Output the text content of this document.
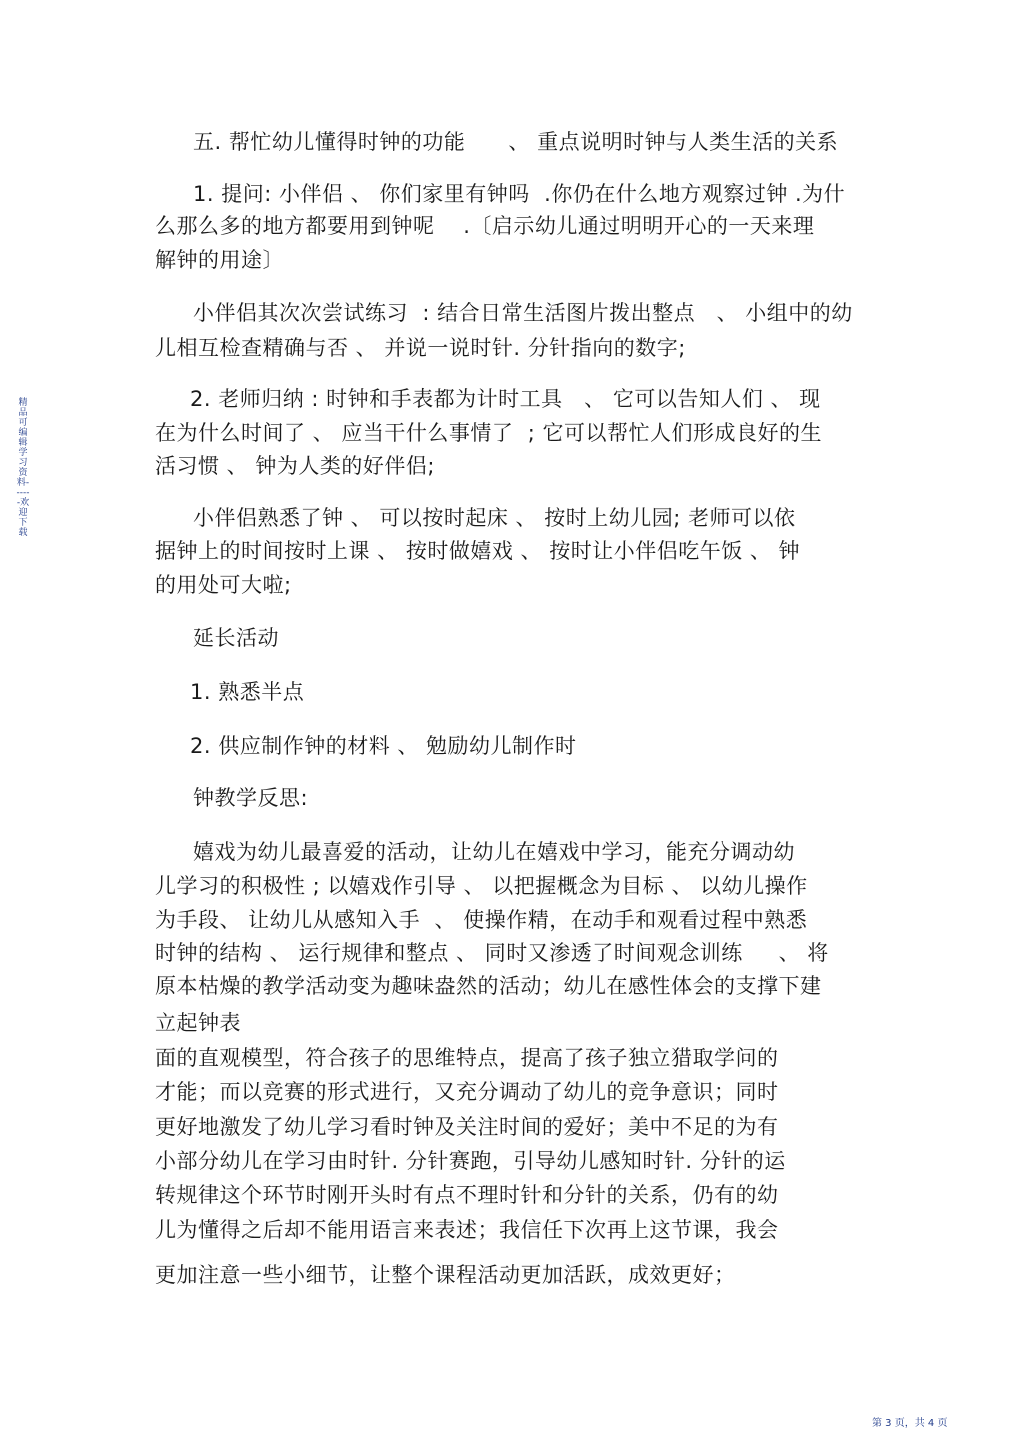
精品可编辑学习资料------欢迎下载
五. 帮忙幼儿懂得时钟的功能      、 重点说明时钟与人类生活的关系
1. 提问: 小伴侣 、 你们家里有钟吗  .你仍在什么地方观察过钟 .为什
么那么多的地方都要用到钟呢    .〔启示幼儿通过明明开心的一天来理
解钟的用途〕
小伴侣其次次尝试练习  : 结合日常生活图片拨出整点   、 小组中的幼
儿相互检查精确与否 、 并说一说时针. 分针指向的数字;
2. 老师归纳 : 时钟和手表都为计时工具   、 它可以告知人们 、 现
在为什么时间了 、 应当干什么事情了  ; 它可以帮忙人们形成良好的生
活习惯 、 钟为人类的好伴侣;
小伴侣熟悉了钟 、 可以按时起床 、 按时上幼儿园; 老师可以依
据钟上的时间按时上课 、 按时做嬉戏 、 按时让小伴侣吃午饭 、 钟
的用处可大啦;
延长活动
1. 熟悉半点
2. 供应制作钟的材料 、 勉励幼儿制作时
钟教学反思:
嬉戏为幼儿最喜爱的活动，让幼儿在嬉戏中学习，能充分调动幼
儿学习的积极性 ; 以嬉戏作引导 、 以把握概念为目标 、 以幼儿操作
为手段、 让幼儿从感知入手  、 使操作精，在动手和观看过程中熟悉
时钟的结构 、 运行规律和整点 、 同时又渗透了时间观念训练     、 将
原本枯燥的教学活动变为趣味盎然的活动；幼儿在感性体会的支撑下建
立起钟表
面的直观模型，符合孩子的思维特点，提高了孩子独立猎取学问的
才能；而以竞赛的形式进行，又充分调动了幼儿的竞争意识；同时
更好地激发了幼儿学习看时钟及关注时间的爱好；美中不足的为有
小部分幼儿在学习由时针. 分针赛跑，引导幼儿感知时针. 分针的运
转规律这个环节时刚开头时有点不理时针和分针的关系，仍有的幼
儿为懂得之后却不能用语言来表述；我信任下次再上这节课，我会
更加注意一些小细节，让整个课程活动更加活跃，成效更好；
第 3 页，共 4 页
